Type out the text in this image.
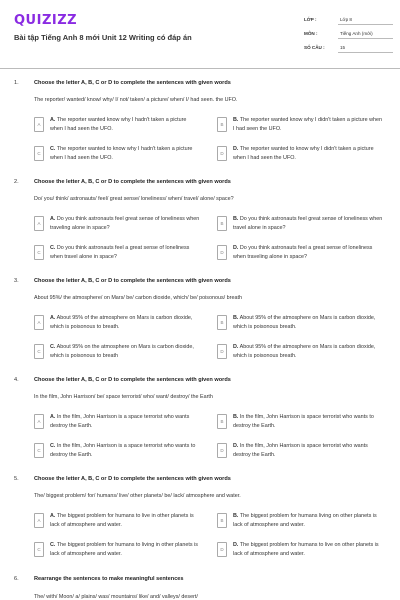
QUIZIZZ
Bài tập Tiếng Anh 8 mới Unit 12 Writing có đáp án
LỚP :	Lớp 8
MÔN :	Tiếng Anh (mới)
SỐ CÂU :	15
1.	Choose the letter A, B, C or D to complete the sentences with given words
The reporter/ wanted/ know/ why/ I/ not/ taken/ a picture/ when/ I/ had seen. the UFO.
A
A. The reporter wanted know why I hadn't taken a picture when I had seen the UFO.
B
B. The reporter wanted know why I didn't taken a picture when I had seen the UFO.
C
C. The reporter wanted to know why I hadn't taken a picture when I had seen the UFO.
D
D. The reporter wanted to know why I didn't taken a picture when I had seen the UFO.
2.	Choose the letter A, B, C or D to complete the sentences with given words
Do/ you/ think/ astronauts/ feel/ great sense/ loneliness/ when/ travel/ alone/ space?
A
A. Do you think astronauts feel great sense of loneliness when traveling alone in space?
B
B. Do you think astronauts feel great sense of loneliness when travel alone in space?
C
C. Do you think astronauts feel a great sense of loneliness when travel alone in space?
D
D. Do you think astronauts feel a great sense of loneliness when traveling alone in space?
3.	Choose the letter A, B, C or D to complete the sentences with given words
About 95%/ the atmosphere/ on Mars/ be/ carbon dioxide, which/ be/ poisonous/ breath
A
A. About 95% of the atmosphere on Mars is carbon dioxide, which is poisonous to breath.
B
B. About 95% of the atmosphere on Mars is carbon dioxide, which is poisonous breath.
C
C. About 95% on the atmosphere on Mars is carbon dioxide, which is poisonous to breath
D
D. About 95% of the atmosphere on Mars is carbon dioxide, which is poisonous breath.
4.	Choose the letter A, B, C or D to complete the sentences with given words
In the film, John Harrison/ be/ space terrorist/ who/ want/ destroy/ the Earth
A
A. In the film, John Harrison is a space terrorist who wants destroy the Earth.
B
B. In the film, John Harrison is space terrorist who wants to destroy the Earth.
C
C. In the film, John Harrison is a space terrorist who wants to destroy the Earth.
D
D. In the film, John Harrison is space terrorist who wants destroy the Earth.
5.	Choose the letter A, B, C or D to complete the sentences with given words
The/ biggest problem/ for/ humans/ live/ other planets/ be/ lack/ atmosphere and water.
A
A. The biggest problem for humans to live in other planets is lack of atmosphere and water.
B
B. The biggest problem for humans living on other planets is lack of atmosphere and water.
C
C. The biggest problem for humans to living in other planets is lack of atmosphere and water.
D
D. The biggest problem for humans to live on other planets is lack of atmosphere and water.
6.	Rearrange the sentences to make meaningful sentences
The/ with/ Moon/ a/ plains/ was/ mountains/ like/ and/ valleys/ desert/
